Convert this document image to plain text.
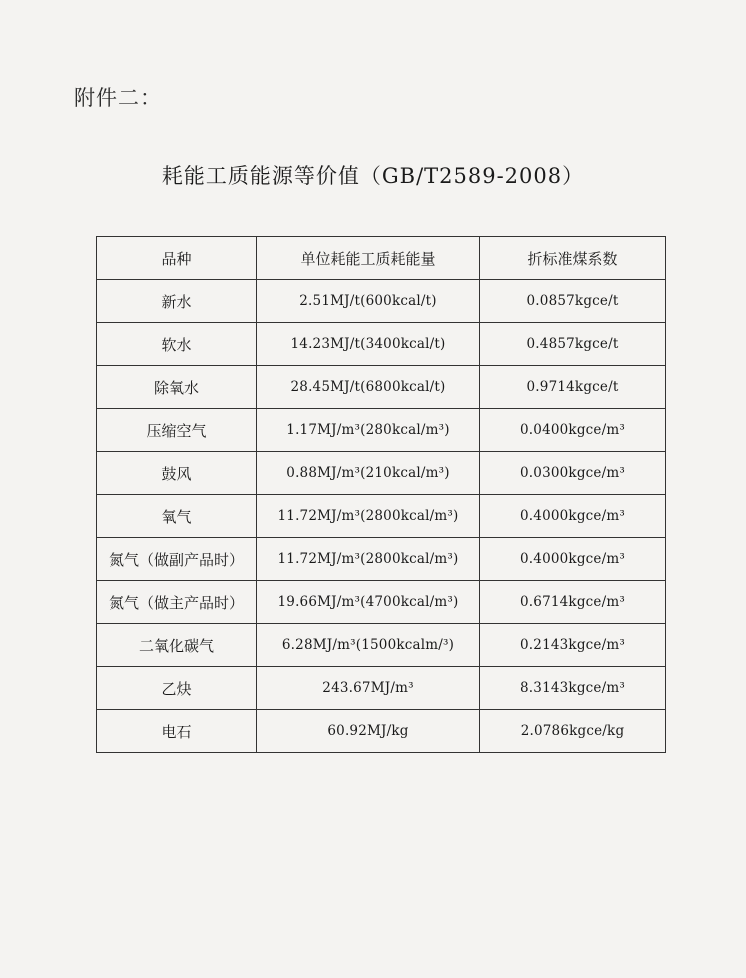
附件二：
耗能工质能源等价值（GB/T2589-2008）
品种	单位耗能工质耗能量	折标准煤系数
新水	2.51MJ/t(600kcal/t)	0.0857kgce/t
软水	14.23MJ/t(3400kcal/t)	0.4857kgce/t
除氧水	28.45MJ/t(6800kcal/t)	0.9714kgce/t
压缩空气	1.17MJ/m³(280kcal/m³)	0.0400kgce/m³
鼓风	0.88MJ/m³(210kcal/m³)	0.0300kgce/m³
氧气	11.72MJ/m³(2800kcal/m³)	0.4000kgce/m³
氮气（做副产品时）	11.72MJ/m³(2800kcal/m³)	0.4000kgce/m³
氮气（做主产品时）	19.66MJ/m³(4700kcal/m³)	0.6714kgce/m³
二氧化碳气	6.28MJ/m³(1500kcalm/³)	0.2143kgce/m³
乙炔	243.67MJ/m³	8.3143kgce/m³
电石	60.92MJ/kg	2.0786kgce/kg
